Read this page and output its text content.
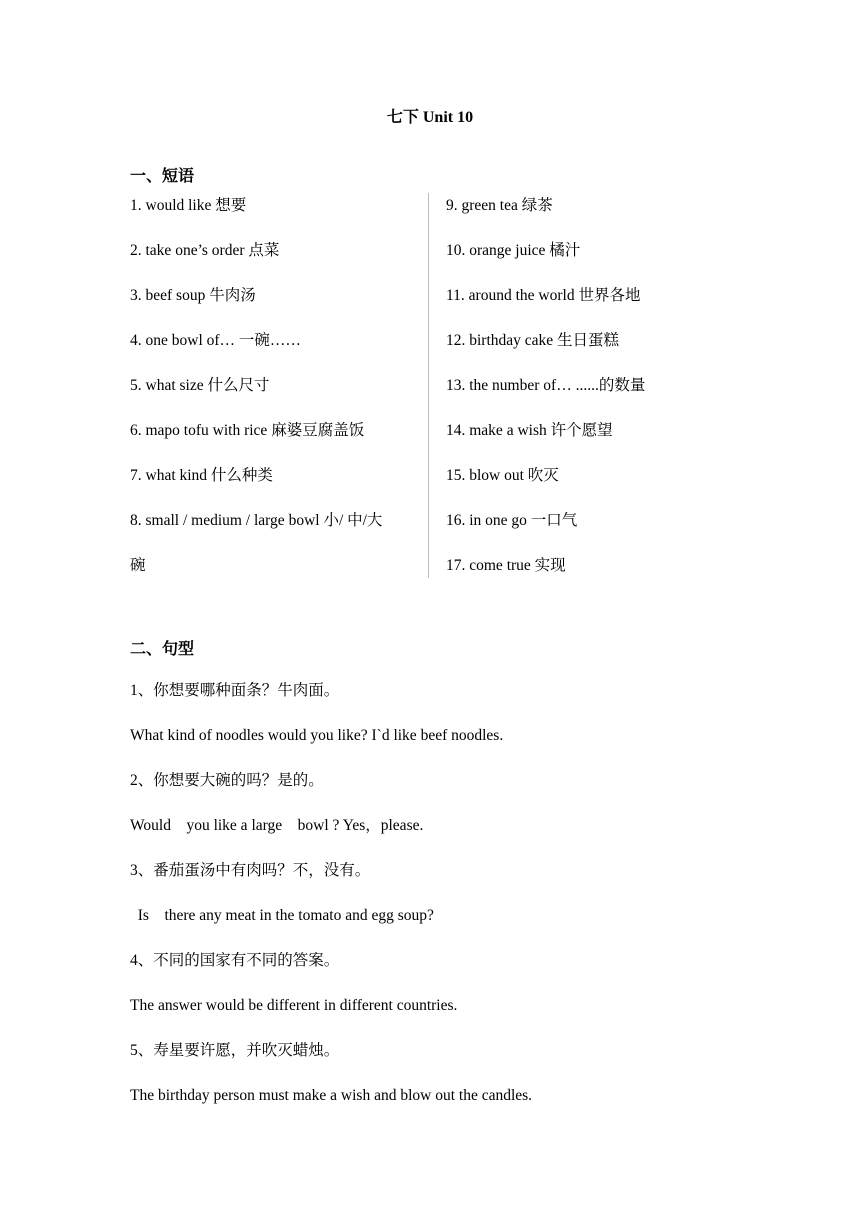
七下 Unit 10
一、短语
1. would like 想要
2. take one’s order 点菜
3. beef soup 牛肉汤
4. one bowl of… 一碗……
5. what size 什么尺寸
6. mapo tofu with rice 麻婆豆腐盖饭
7. what kind 什么种类
8. small / medium / large bowl 小/ 中/大
碗
9. green tea 绿茶
10. orange juice 橘汁
11. around the world 世界各地
12. birthday cake 生日蛋糕
13. the number of… ......的数量
14. make a wish 许个愿望
15. blow out 吹灭
16. in one go 一口气
17. come true 实现
二、句型
1、你想要哪种面条？牛肉面。
What kind of noodles would you like? I`d like beef noodles.
2、你想要大碗的吗？是的。
Would    you like a large    bowl ? Yes，please.
3、番茄蛋汤中有肉吗？不，没有。
Is    there any meat in the tomato and egg soup?
4、不同的国家有不同的答案。
The answer would be different in different countries.
5、寿星要许愿，并吹灭蜡烛。
The birthday person must make a wish and blow out the candles.
